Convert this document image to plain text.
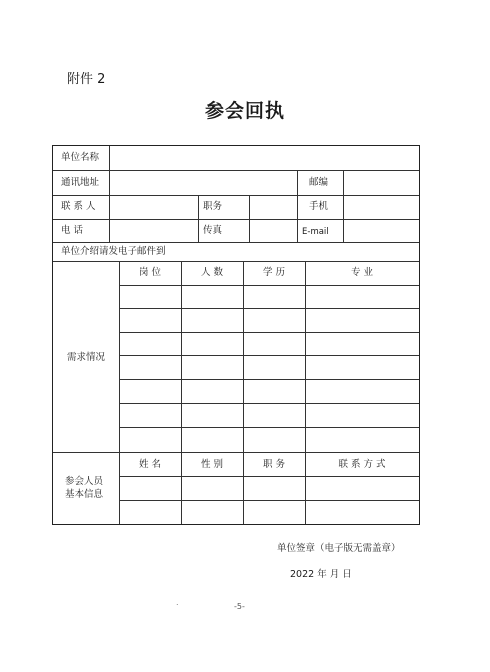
附件 2
参会回执
单位名称
通讯地址	邮编
联 系 人	职务	手机
电 话	传真	E-mail
单位介绍请发电子邮件到
岗 位	人 数	学 历	专 业
需求情况
姓 名	性 别	职 务	联 系 方 式
参会人员
基本信息
单位签章（电子版无需盖章）
2022 年 月 日
.	-5-
